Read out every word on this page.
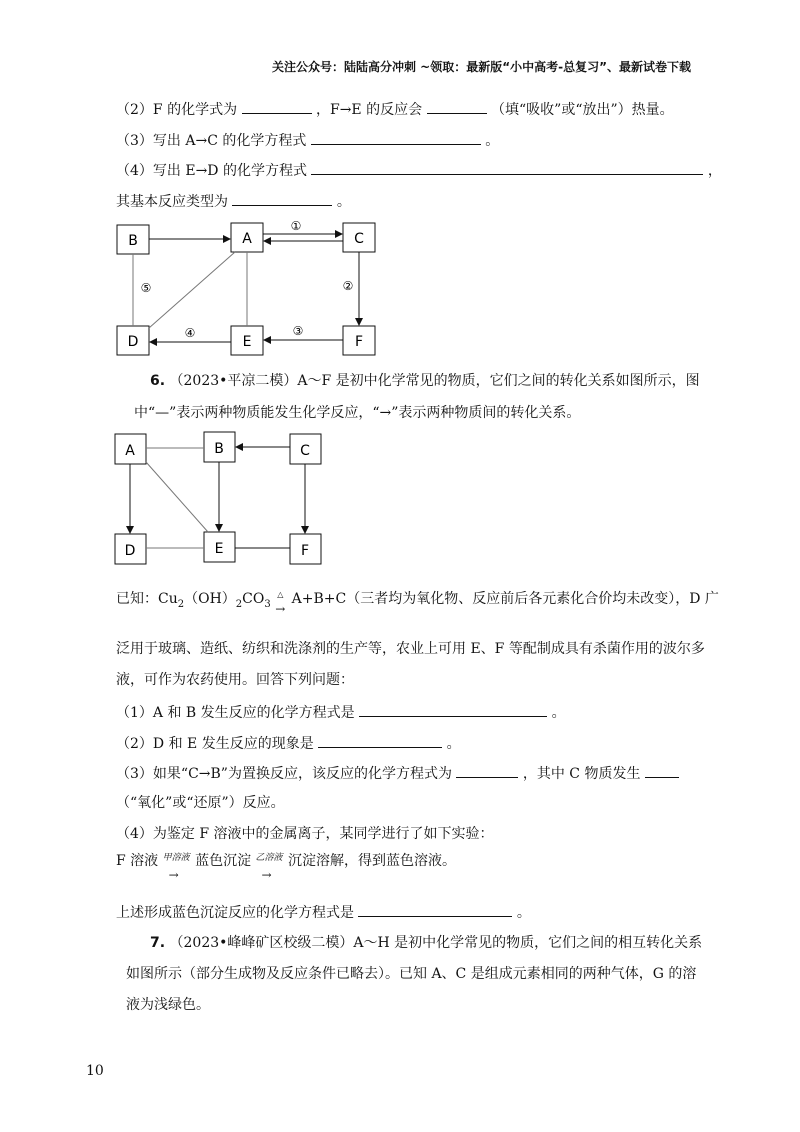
关注公众号：陆陆高分冲刺 ~领取：最新版“小中高考-总复习”、最新试卷下载
（2）F 的化学式为	，F→E 的反应会	（填“吸收”或“放出”）热量。
（3）写出 A→C 的化学方程式	。
（4）写出 E→D 的化学方程式	，
其基本反应类型为	。
B	A	C
D	E	F
①
②
③
④
⑤
6. （2023•平凉二模）A～F 是初中化学常见的物质，它们之间的转化关系如图所示，图
中“—”表示两种物质能发生化学反应，“→”表示两种物质间的转化关系。
A	B	C
D	E	F
已知：$Cu_2(OH)_2CO_3$
△
→
A+B+C（三者均为氧化物、反应前后各元素化合价均未改变），D 广
泛用于玻璃、造纸、纺织和洗涤剂的生产等，农业上可用 E、F 等配制成具有杀菌作用的波尔多
液，可作为农药使用。回答下列问题：
（1）A 和 B 发生反应的化学方程式是	。
（2）D 和 E 发生反应的现象是	。
（3）如果“C→B”为置换反应，该反应的化学方程式为	，其中 C 物质发生
（“氧化”或“还原”）反应。
（4）为鉴定 F 溶液中的金属离子，某同学进行了如下实验：
F 溶液 甲溶液
→
蓝色沉淀 乙溶液
→
沉淀溶解，得到蓝色溶液。
上述形成蓝色沉淀反应的化学方程式是	。
7. （2023•峰峰矿区校级二模）A～H 是初中化学常见的物质，它们之间的相互转化关系
如图所示（部分生成物及反应条件已略去）。已知 A、C 是组成元素相同的两种气体，G 的溶
液为浅绿色。
10
